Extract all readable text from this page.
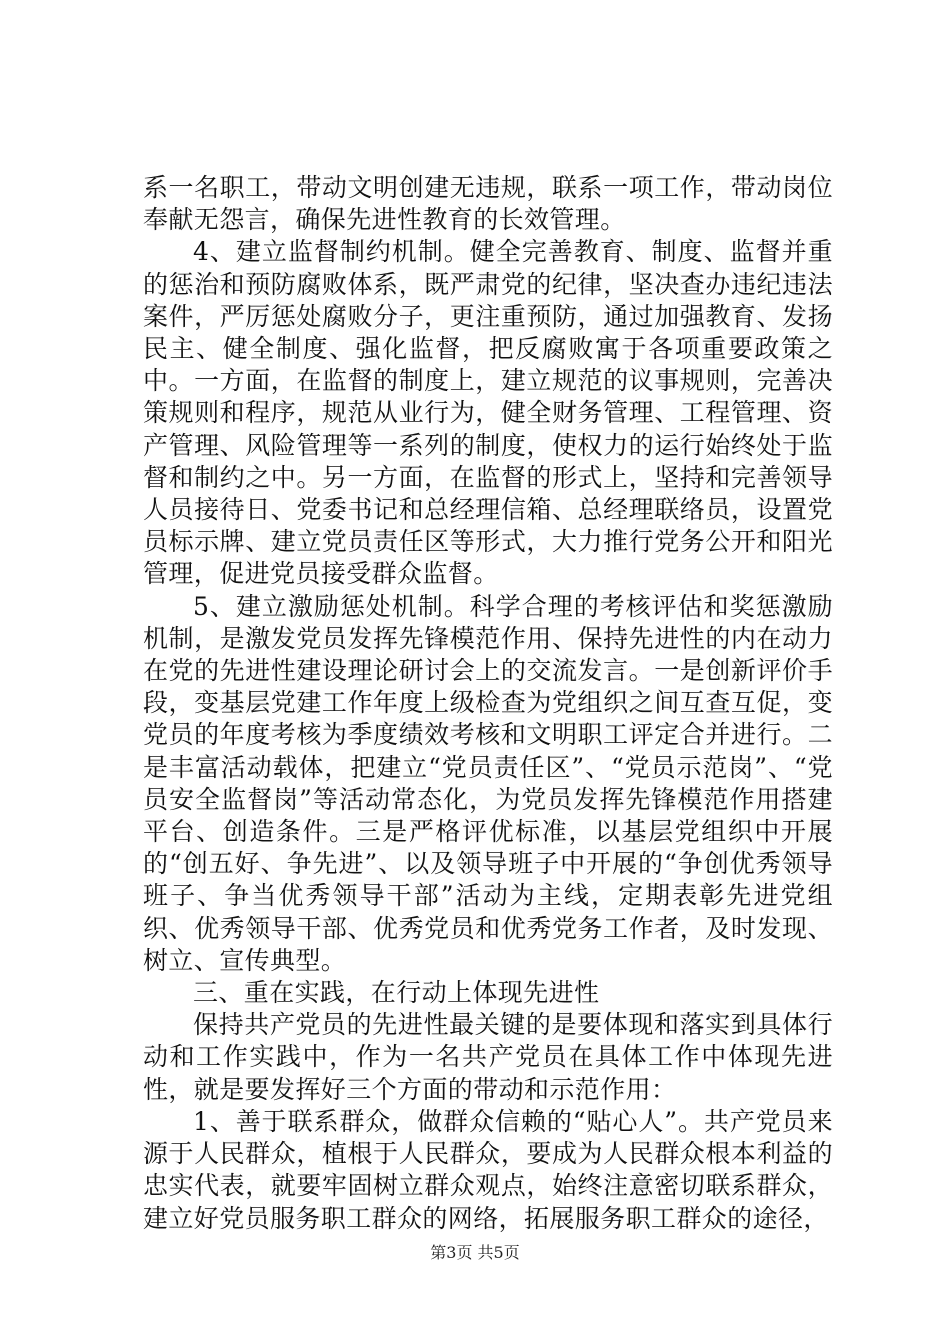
系一名职工，带动文明创建无违规，联系一项工作，带动岗位奉献无怨言，确保先进性教育的长效管理。

4、建立监督制约机制。健全完善教育、制度、监督并重的惩治和预防腐败体系，既严肃党的纪律，坚决查办违纪违法案件，严厉惩处腐败分子，更注重预防，通过加强教育、发扬民主、健全制度、强化监督，把反腐败寓于各项重要政策之中。一方面，在监督的制度上，建立规范的议事规则，完善决策规则和程序，规范从业行为，健全财务管理、工程管理、资产管理、风险管理等一系列的制度，使权力的运行始终处于监督和制约之中。另一方面，在监督的形式上，坚持和完善领导人员接待日、党委书记和总经理信箱、总经理联络员，设置党员标示牌、建立党员责任区等形式，大力推行党务公开和阳光管理，促进党员接受群众监督。

5、建立激励惩处机制。科学合理的考核评估和奖惩激励机制，是激发党员发挥先锋模范作用、保持先进性的内在动力在党的先进性建设理论研讨会上的交流发言。一是创新评价手段，变基层党建工作年度上级检查为党组织之间互查互促，变党员的年度考核为季度绩效考核和文明职工评定合并进行。二是丰富活动载体，把建立“党员责任区”、“党员示范岗”、“党员安全监督岗”等活动常态化，为党员发挥先锋模范作用搭建平台、创造条件。三是严格评优标准，以基层党组织中开展的“创五好、争先进”、以及领导班子中开展的“争创优秀领导班子、争当优秀领导干部”活动为主线，定期表彰先进党组织、优秀领导干部、优秀党员和优秀党务工作者，及时发现、树立、宣传典型。

三、重在实践，在行动上体现先进性

保持共产党员的先进性最关键的是要体现和落实到具体行动和工作实践中，作为一名共产党员在具体工作中体现先进性，就是要发挥好三个方面的带动和示范作用：

1、善于联系群众，做群众信赖的“贴心人”。共产党员来源于人民群众，植根于人民群众，要成为人民群众根本利益的忠实代表，就要牢固树立群众观点，始终注意密切联系群众，建立好党员服务职工群众的网络，拓展服务职工群众的途径，

第3页 共5页
